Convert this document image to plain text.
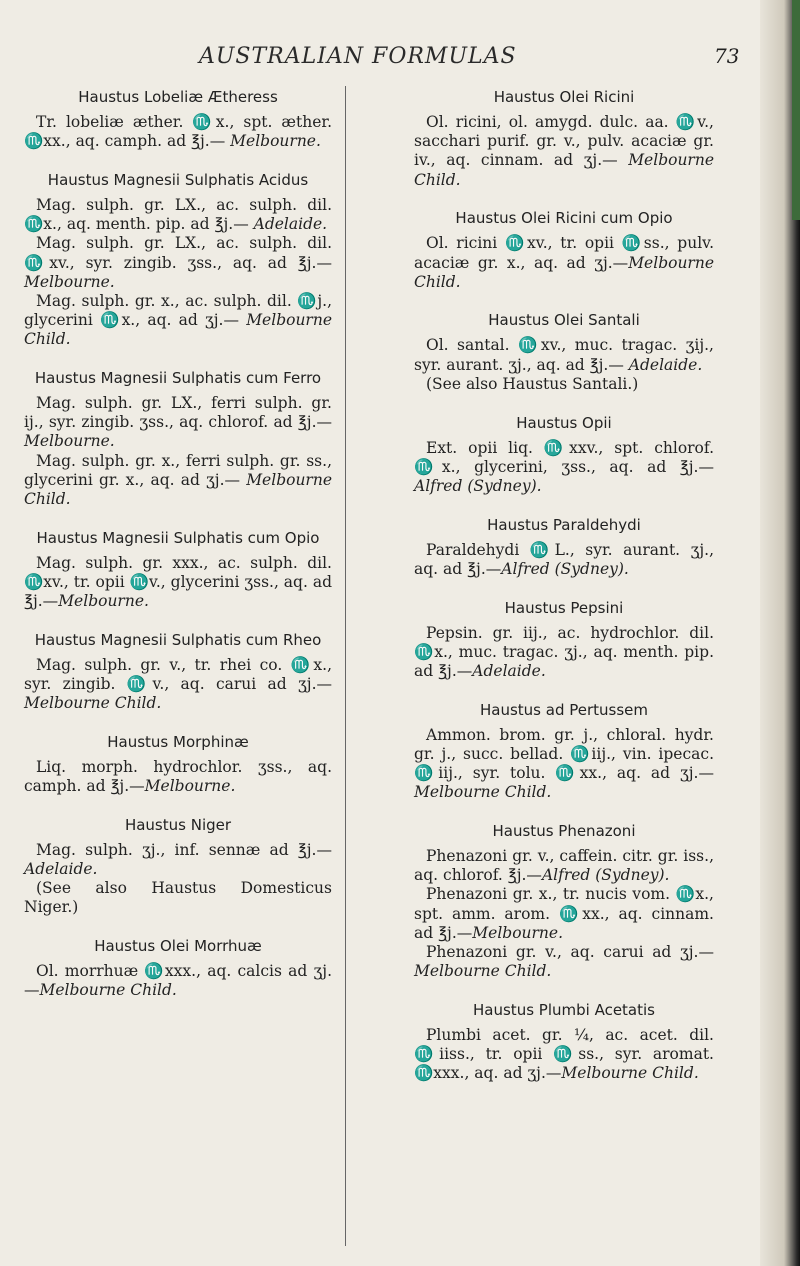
AUSTRALIAN FORMULAS	73
Haustus Lobeliæ Ætheress

Tr. lobeliæ æther. ♏x., spt. æther. ♏xx., aq. camph. ad ℥j.— Melbourne.

Haustus Magnesii Sulphatis Acidus

Mag. sulph. gr. LX., ac. sulph. dil. ♏x., aq. menth. pip. ad ℥j.— Adelaide.

Mag. sulph. gr. LX., ac. sulph. dil. ♏xv., syr. zingib. ʒss., aq. ad ℥j.—Melbourne.

Mag. sulph. gr. x., ac. sulph. dil. ♏j., glycerini ♏x., aq. ad ʒj.— Melbourne Child.

Haustus Magnesii Sulphatis cum Ferro

Mag. sulph. gr. LX., ferri sulph. gr. ij., syr. zingib. ʒss., aq. chlorof. ad ℥j.—Melbourne.

Mag. sulph. gr. x., ferri sulph. gr. ss., glycerini gr. x., aq. ad ʒj.— Melbourne Child.

Haustus Magnesii Sulphatis cum Opio

Mag. sulph. gr. xxx., ac. sulph. dil. ♏xv., tr. opii ♏v., glycerini ʒss., aq. ad ℥j.—Melbourne.

Haustus Magnesii Sulphatis cum Rheo

Mag. sulph. gr. v., tr. rhei co. ♏x., syr. zingib. ♏v., aq. carui ad ʒj.—Melbourne Child.

Haustus Morphinæ

Liq. morph. hydrochlor. ʒss., aq. camph. ad ℥j.—Melbourne.

Haustus Niger

Mag. sulph. ʒj., inf. sennæ ad ℥j.—Adelaide.

(See also Haustus Domesticus Niger.)

Haustus Olei Morrhuæ

Ol. morrhuæ ♏xxx., aq. calcis ad ʒj.—Melbourne Child.

Haustus Olei Ricini

Ol. ricini, ol. amygd. dulc. aa. ♏v., sacchari purif. gr. v., pulv. acaciæ gr. iv., aq. cinnam. ad ʒj.— Melbourne Child.

Haustus Olei Ricini cum Opio

Ol. ricini ♏xv., tr. opii ♏ss., pulv. acaciæ gr. x., aq. ad ʒj.—Melbourne Child.

Haustus Olei Santali

Ol. santal. ♏xv., muc. tragac. ʒij., syr. aurant. ʒj., aq. ad ℥j.— Adelaide.

(See also Haustus Santali.)

Haustus Opii

Ext. opii liq. ♏xxv., spt. chlorof. ♏x., glycerini, ʒss., aq. ad ℥j.— Alfred (Sydney).

Haustus Paraldehydi

Paraldehydi ♏L., syr. aurant. ʒj., aq. ad ℥j.—Alfred (Sydney).

Haustus Pepsini

Pepsin. gr. iij., ac. hydrochlor. dil. ♏x., muc. tragac. ʒj., aq. menth. pip. ad ℥j.—Adelaide.

Haustus ad Pertussem

Ammon. brom. gr. j., chloral. hydr. gr. j., succ. bellad. ♏iij., vin. ipecac. ♏iij., syr. tolu. ♏xx., aq. ad ʒj.—Melbourne Child.

Haustus Phenazoni

Phenazoni gr. v., caffein. citr. gr. iss., aq. chlorof. ℥j.—Alfred (Sydney).

Phenazoni gr. x., tr. nucis vom. ♏x., spt. amm. arom. ♏xx., aq. cinnam. ad ℥j.—Melbourne.

Phenazoni gr. v., aq. carui ad ʒj.—Melbourne Child.

Haustus Plumbi Acetatis

Plumbi acet. gr. ¼, ac. acet. dil. ♏iiss., tr. opii ♏ss., syr. aromat. ♏xxx., aq. ad ʒj.—Melbourne Child.
